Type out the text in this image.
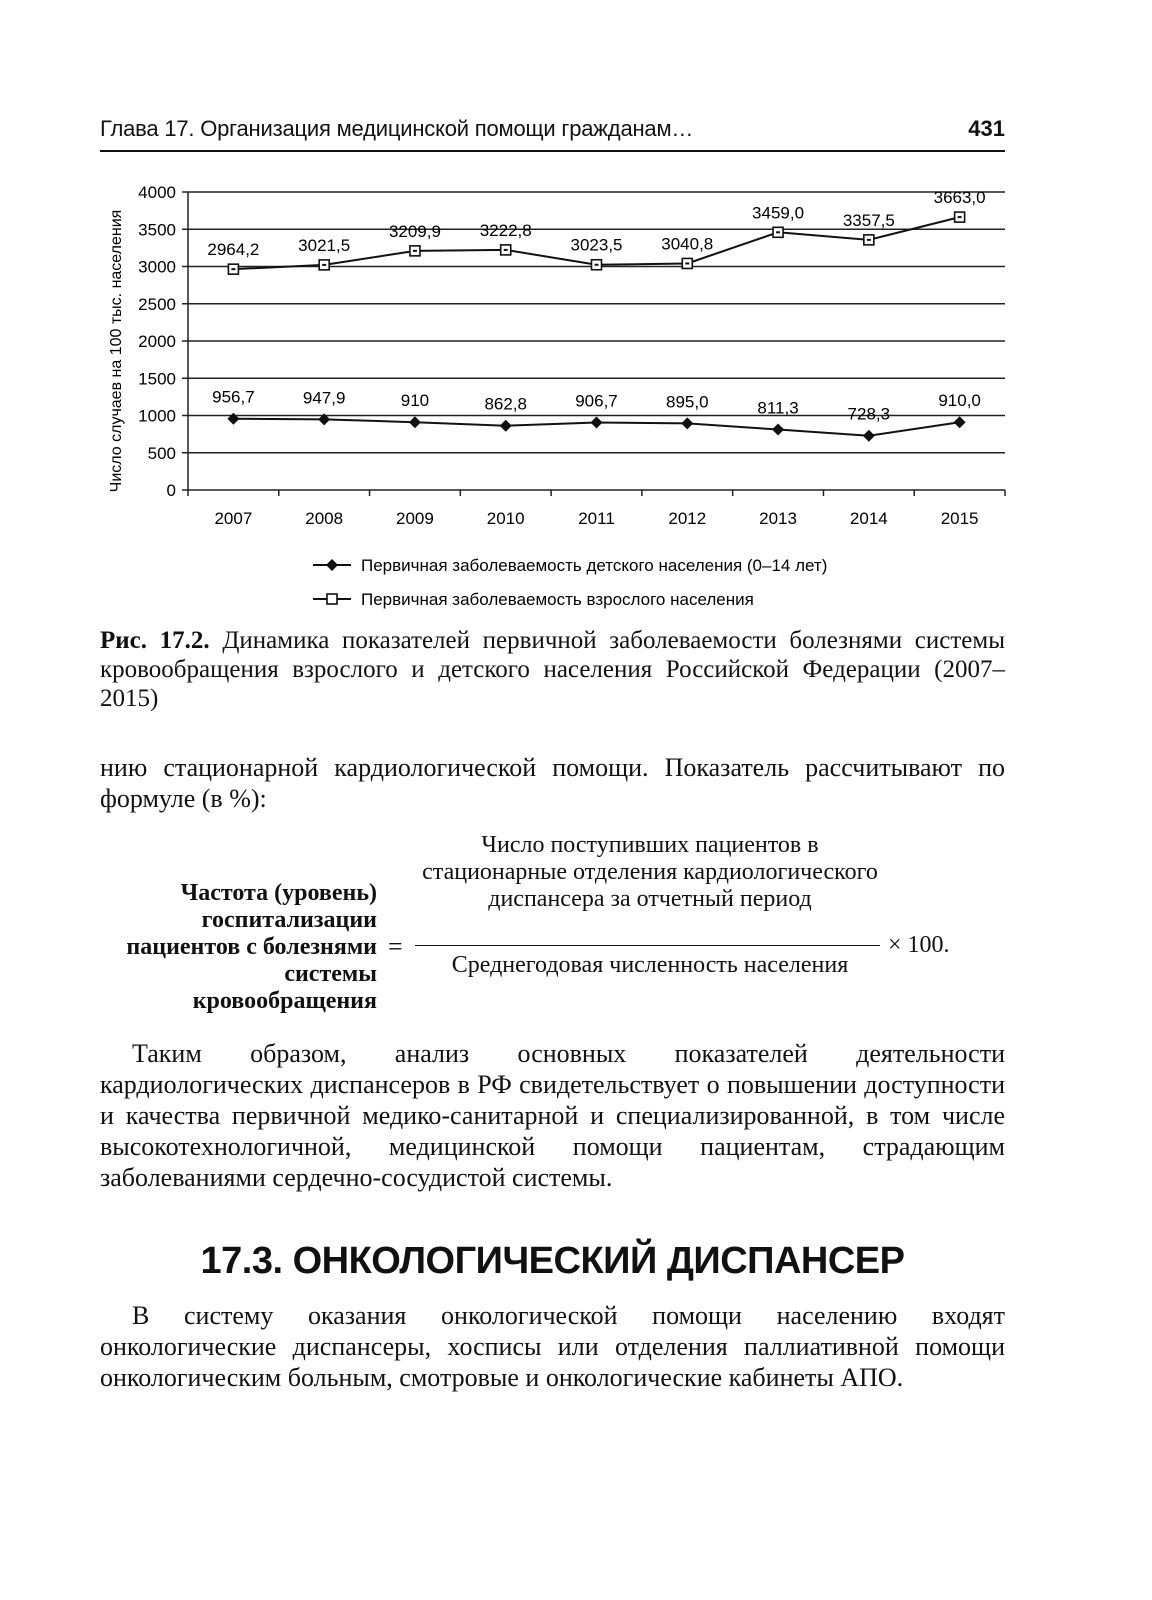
Глава 17. Организация медицинской помощи гражданам…	431
0
500
1000
1500
2000
2500
3000
3500
4000
2007	2008	2009	2010	2011	2012	2013	2014	2015
Число случаев на 100 тыс. населения	956,7	947,9	910	862,8	906,7	895,0	811,3	728,3
910,0
2964,2 3021,5
3209,9 3222,8
3023,5 3040,8
3459,0 3357,5
3663,0
Первичная заболеваемость детского населения (0–14 лет)
Первичная заболеваемость взрослого населения
Рис. 17.2. Динамика показателей первичной заболеваемости болезнями системы кровообращения взрослого и детского населения Российской Федерации (2007–2015)
нию стационарной кардиологической помощи. Показатель рассчитывают по формуле (в %):
Частота (уровень) госпитализации пациентов с болезнями системы кровообращения
=
Число поступивших пациентов в стационарные отделения кардиологического диспансера за отчетный период
Среднегодовая численность населения
× 100.
Таким образом, анализ основных показателей деятельности кардиологических диспансеров в РФ свидетельствует о повышении доступности и качества первичной медико-санитарной и специализированной, в том числе высокотехнологичной, медицинской помощи пациентам, страдающим заболеваниями сердечно-сосудистой системы.
17.3. ОНКОЛОГИЧЕСКИЙ ДИСПАНСЕР
В систему оказания онкологической помощи населению входят онкологические диспансеры, хосписы или отделения паллиативной помощи онкологическим больным, смотровые и онкологические кабинеты АПО.
